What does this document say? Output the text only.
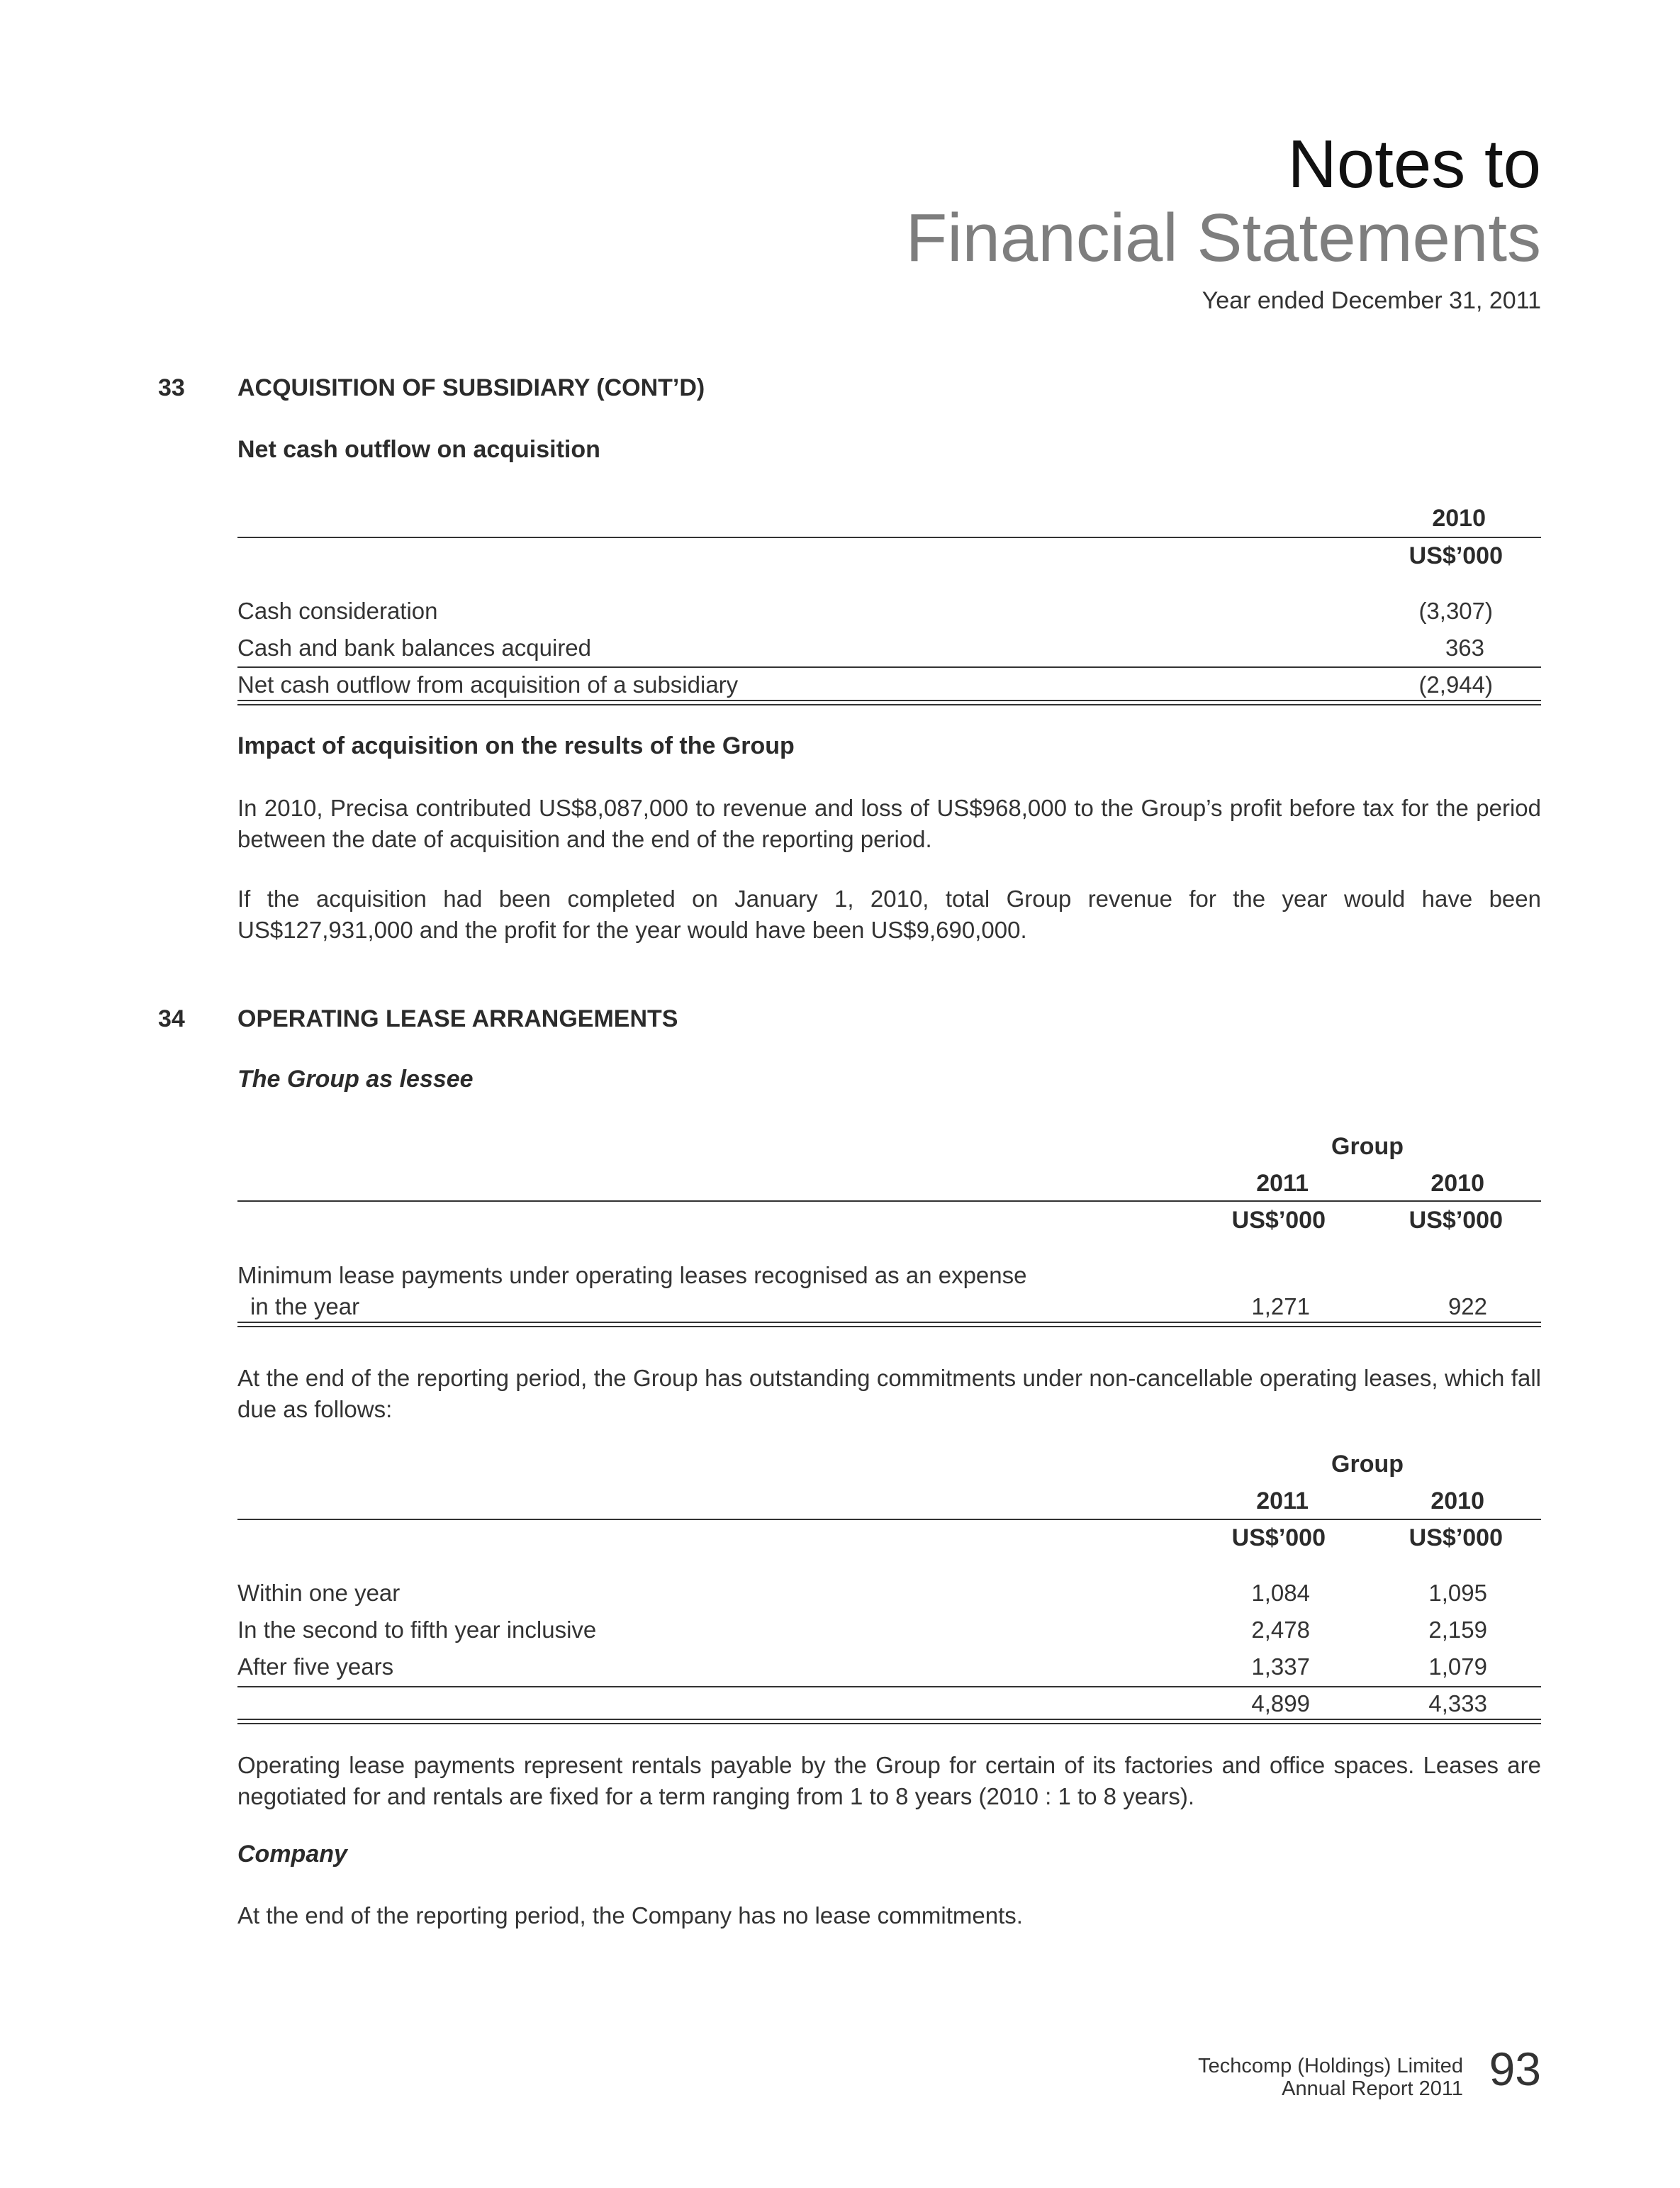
Notes to
Financial Statements
Year ended December 31, 2011
33 ACQUISITION OF SUBSIDIARY (CONT’D)
Net cash outflow on acquisition
2010
US$’000
Cash consideration	(3,307)
Cash and bank balances acquired	363
Net cash outflow from acquisition of a subsidiary	(2,944)
Impact of acquisition on the results of the Group
In 2010, Precisa contributed US$8,087,000 to revenue and loss of US$968,000 to the Group’s profit before tax for the period between the date of acquisition and the end of the reporting period.
If the acquisition had been completed on January 1, 2010, total Group revenue for the year would have been US$127,931,000 and the profit for the year would have been US$9,690,000.
34 OPERATING LEASE ARRANGEMENTS
The Group as lessee
Group
2011	2010
US$’000	US$’000
Minimum lease payments under operating leases recognised as an expense
in the year	1,271	922
At the end of the reporting period, the Group has outstanding commitments under non-cancellable operating leases, which fall due as follows:
Group
2011	2010
US$’000	US$’000
Within one year	1,084	1,095
In the second to fifth year inclusive	2,478	2,159
After five years	1,337	1,079
4,899	4,333
Operating lease payments represent rentals payable by the Group for certain of its factories and office spaces. Leases are negotiated for and rentals are fixed for a term ranging from 1 to 8 years (2010 : 1 to 8 years).
Company
At the end of the reporting period, the Company has no lease commitments.
Techcomp (Holdings) Limited
Annual Report 2011 93
